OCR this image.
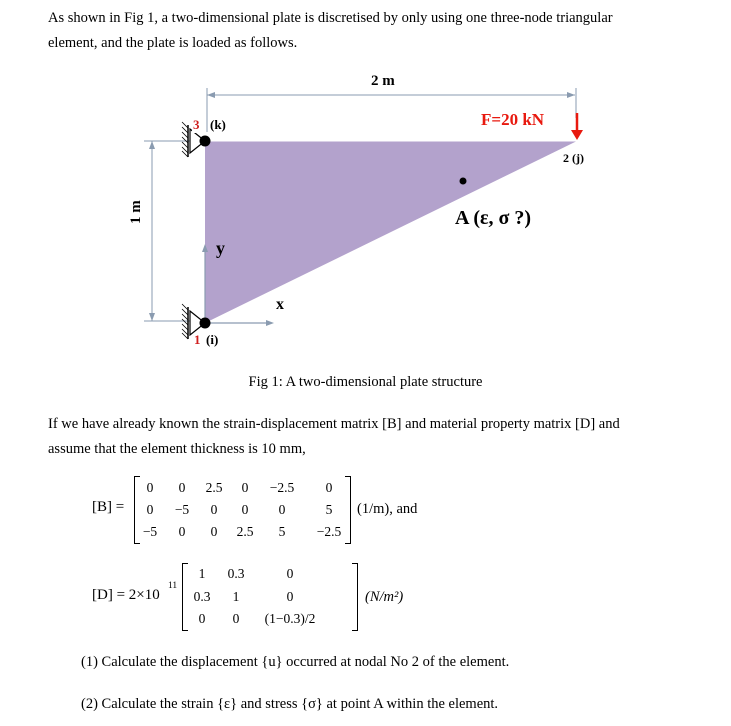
As shown in Fig 1, a two-dimensional plate is discretised by only using one three-node triangular
element, and the plate is loaded as follows.
2 m
1 m
F=20 kN
3 (k)
2 (j)
1 (i)
y
x
A (ε, σ ?)
Fig 1: A two-dimensional plate structure
If we have already known the strain-displacement matrix [B] and material property matrix [D] and
assume that the element thickness is 10 mm,
[B] =
0	0	2.5	0	−2.5	0
0	−5	0	0	0	5
−5	0	0	2.5	5	−2.5
(1/m), and
[D] = 2×10
11
1	0.3	0
0.3	1	0
0	0	(1−0.3)/2
(N/m²)
(1) Calculate the displacement {u} occurred at nodal No 2 of the element.
(2) Calculate the strain {ε} and stress {σ} at point A within the element.
